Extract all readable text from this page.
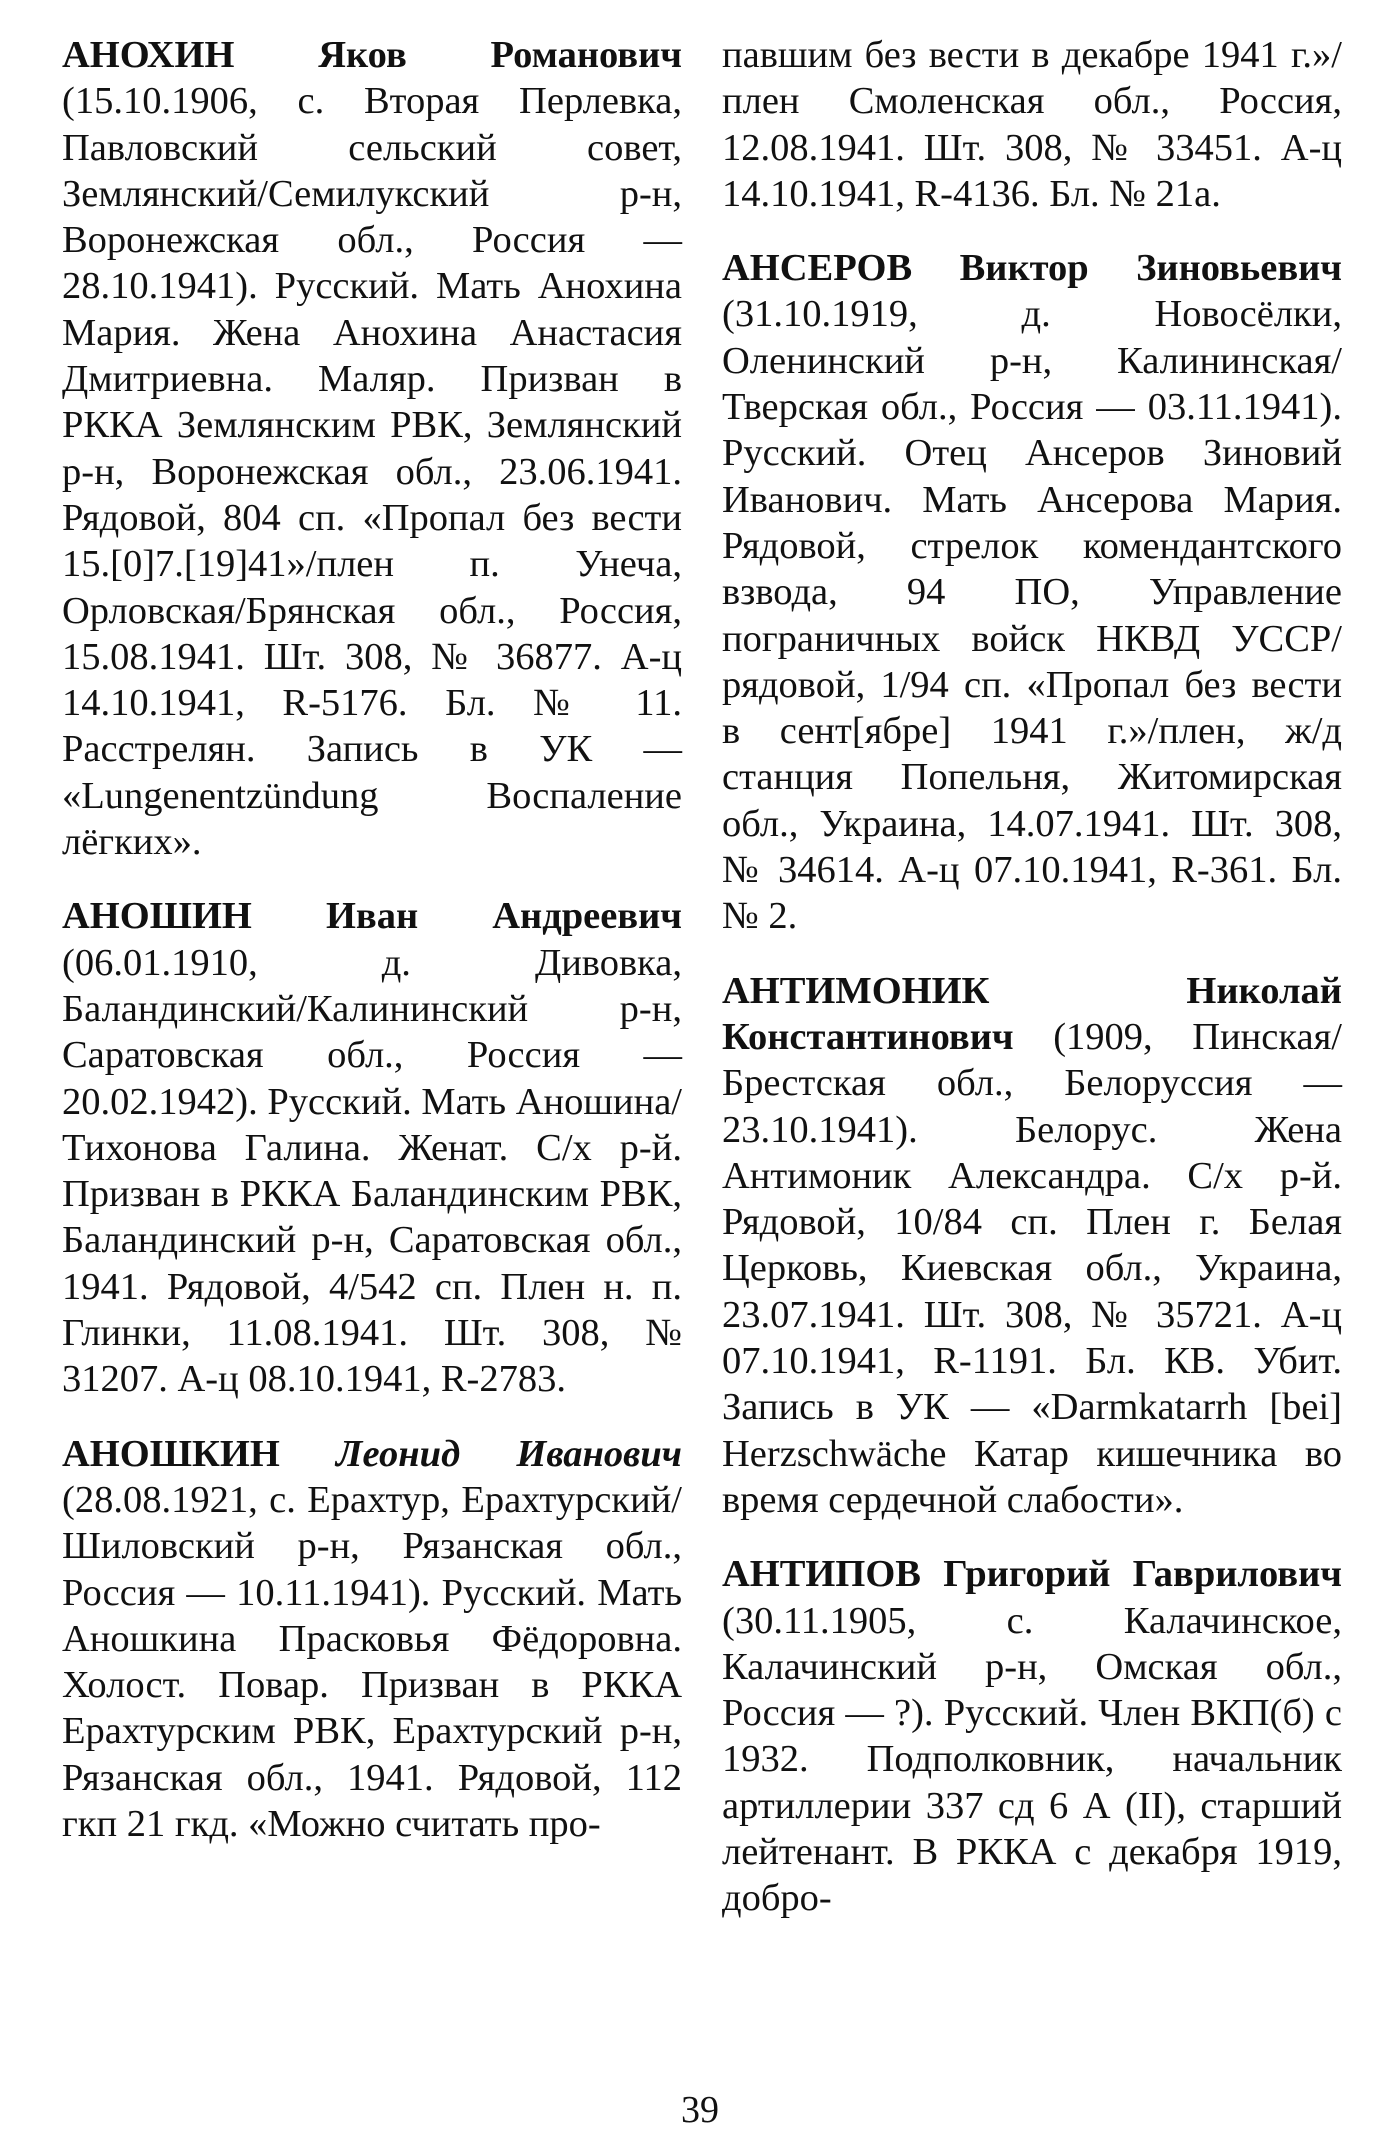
АНОХИН Яков Романович (15.10.1906, с. Вторая Перлевка, Павловский сельский совет, Землянский/Семилукский р-н, Воронежская обл., Россия — 28.10.1941). Русский. Мать Анохина Мария. Жена Анохина Анастасия Дмитриевна. Маляр. Призван в РККА Землянским РВК, Землянский р-н, Воронежская обл., 23.06.1941. Рядовой, 804 сп. «Пропал без вести 15.[0]7.[19]41»/плен п. Унеча, Орловская/Брянская обл., Россия, 15.08.1941. Шт. 308, № 36877. А-ц 14.10.1941, R-5176. Бл. № 11. Расстрелян. Запись в УК — «Lungenentzündung Воспаление лёгких».

АНОШИН Иван Андреевич (06.01.1910, д. Дивовка, Баландинский/Калининский р-н, Саратовская обл., Россия — 20.02.1942). Русский. Мать Аношина/Тихонова Галина. Женат. С/х р-й. Призван в РККА Баландинским РВК, Баландинский р-н, Саратовская обл., 1941. Рядовой, 4/542 сп. Плен н. п. Глинки, 11.08.1941. Шт. 308, № 31207. А-ц 08.10.1941, R-2783.

АНОШКИН Леонид Иванович (28.08.1921, с. Ерахтур, Ерахтурский/Шиловский р-н, Рязанская обл., Россия — 10.11.1941). Русский. Мать Аношкина Прасковья Фёдоровна. Холост. Повар. Призван в РККА Ерахтурским РВК, Ерахтурский р-н, Рязанская обл., 1941. Рядовой, 112 гкп 21 гкд. «Можно считать про-

павшим без вести в декабре 1941 г.»/плен Смоленская обл., Россия, 12.08.1941. Шт. 308, № 33451. А-ц 14.10.1941, R-4136. Бл. № 21а.

АНСЕРОВ Виктор Зиновьевич (31.10.1919, д. Новосёлки, Оленинский р-н, Калининская/Тверская обл., Россия — 03.11.1941). Русский. Отец Ансеров Зиновий Иванович. Мать Ансерова Мария. Рядовой, стрелок комендантского взвода, 94 ПО, Управление пограничных войск НКВД УССР/рядовой, 1/94 сп. «Пропал без вести в сент[ябре] 1941 г.»/плен, ж/д станция Попельня, Житомирская обл., Украина, 14.07.1941. Шт. 308, № 34614. А-ц 07.10.1941, R-361. Бл. № 2.

АНТИМОНИК	Николай Константинович (1909, Пинская/Брестская обл., Белоруссия — 23.10.1941). Белорус. Жена Антимоник Александра. С/х р-й. Рядовой, 10/84 сп. Плен г. Белая Церковь, Киевская обл., Украина, 23.07.1941. Шт. 308, № 35721. А-ц 07.10.1941, R-1191. Бл. КВ. Убит. Запись в УК — «Darmkatarrh [bei] Herzschwäche Катар кишечника во время сердечной слабости».

АНТИПОВ Григорий Гаврилович (30.11.1905, с. Калачинское, Калачинский р-н, Омская обл., Россия — ?). Русский. Член ВКП(б) с 1932. Подполковник, начальник артиллерии 337 сд 6 А (II), старший лейтенант. В РККА с декабря 1919, добро-

39
